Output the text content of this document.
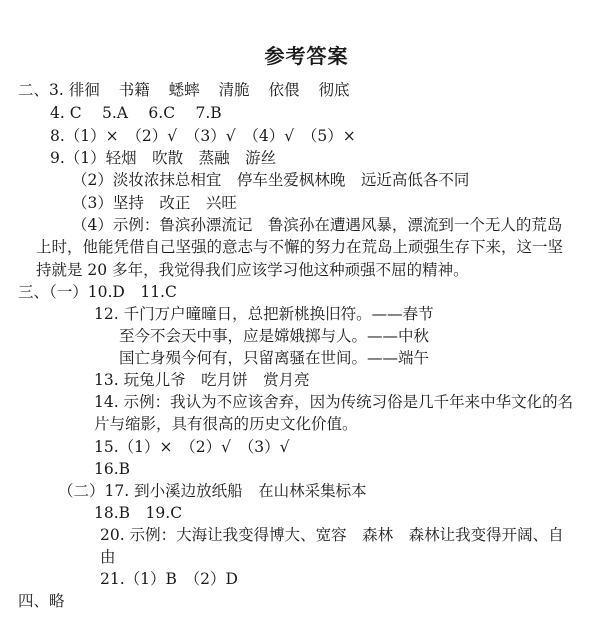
参考答案
二、3. 徘徊 书籍 蟋蟀 清脆 依偎 彻底
4. C　 5.A　 6.C　 7.B
8.（1）×　（2）√　（3）√　（4）√　（5）×
9.（1）轻烟　吹散　蒸融　游丝
（2）淡妆浓抹总相宜　停车坐爱枫林晚　远近高低各不同
（3）坚持　改正　兴旺
（4）示例：鲁滨孙漂流记　鲁滨孙在遭遇风暴，漂流到一个无人的荒岛
上时，他能凭借自己坚强的意志与不懈的努力在荒岛上顽强生存下来，这一坚
持就是 20 多年，我觉得我们应该学习他这种顽强不屈的精神。
三、（一）10.D　11.C
12. 千门万户曈曈日，总把新桃换旧符。——春节
至今不会天中事，应是嫦娥掷与人。——中秋
国亡身殒今何有，只留离骚在世间。——端午
13. 玩兔儿爷　吃月饼　赏月亮
14. 示例：我认为不应该舍弃，因为传统习俗是几千年来中华文化的名
片与缩影，具有很高的历史文化价值。
15.（1）×　（2）√　（3）√
16.B
（二）17. 到小溪边放纸船　在山林采集标本
18.B　19.C
20. 示例：大海让我变得博大、宽容　森林　森林让我变得开阔、自
由
21.（1）B　（2）D
四、略
